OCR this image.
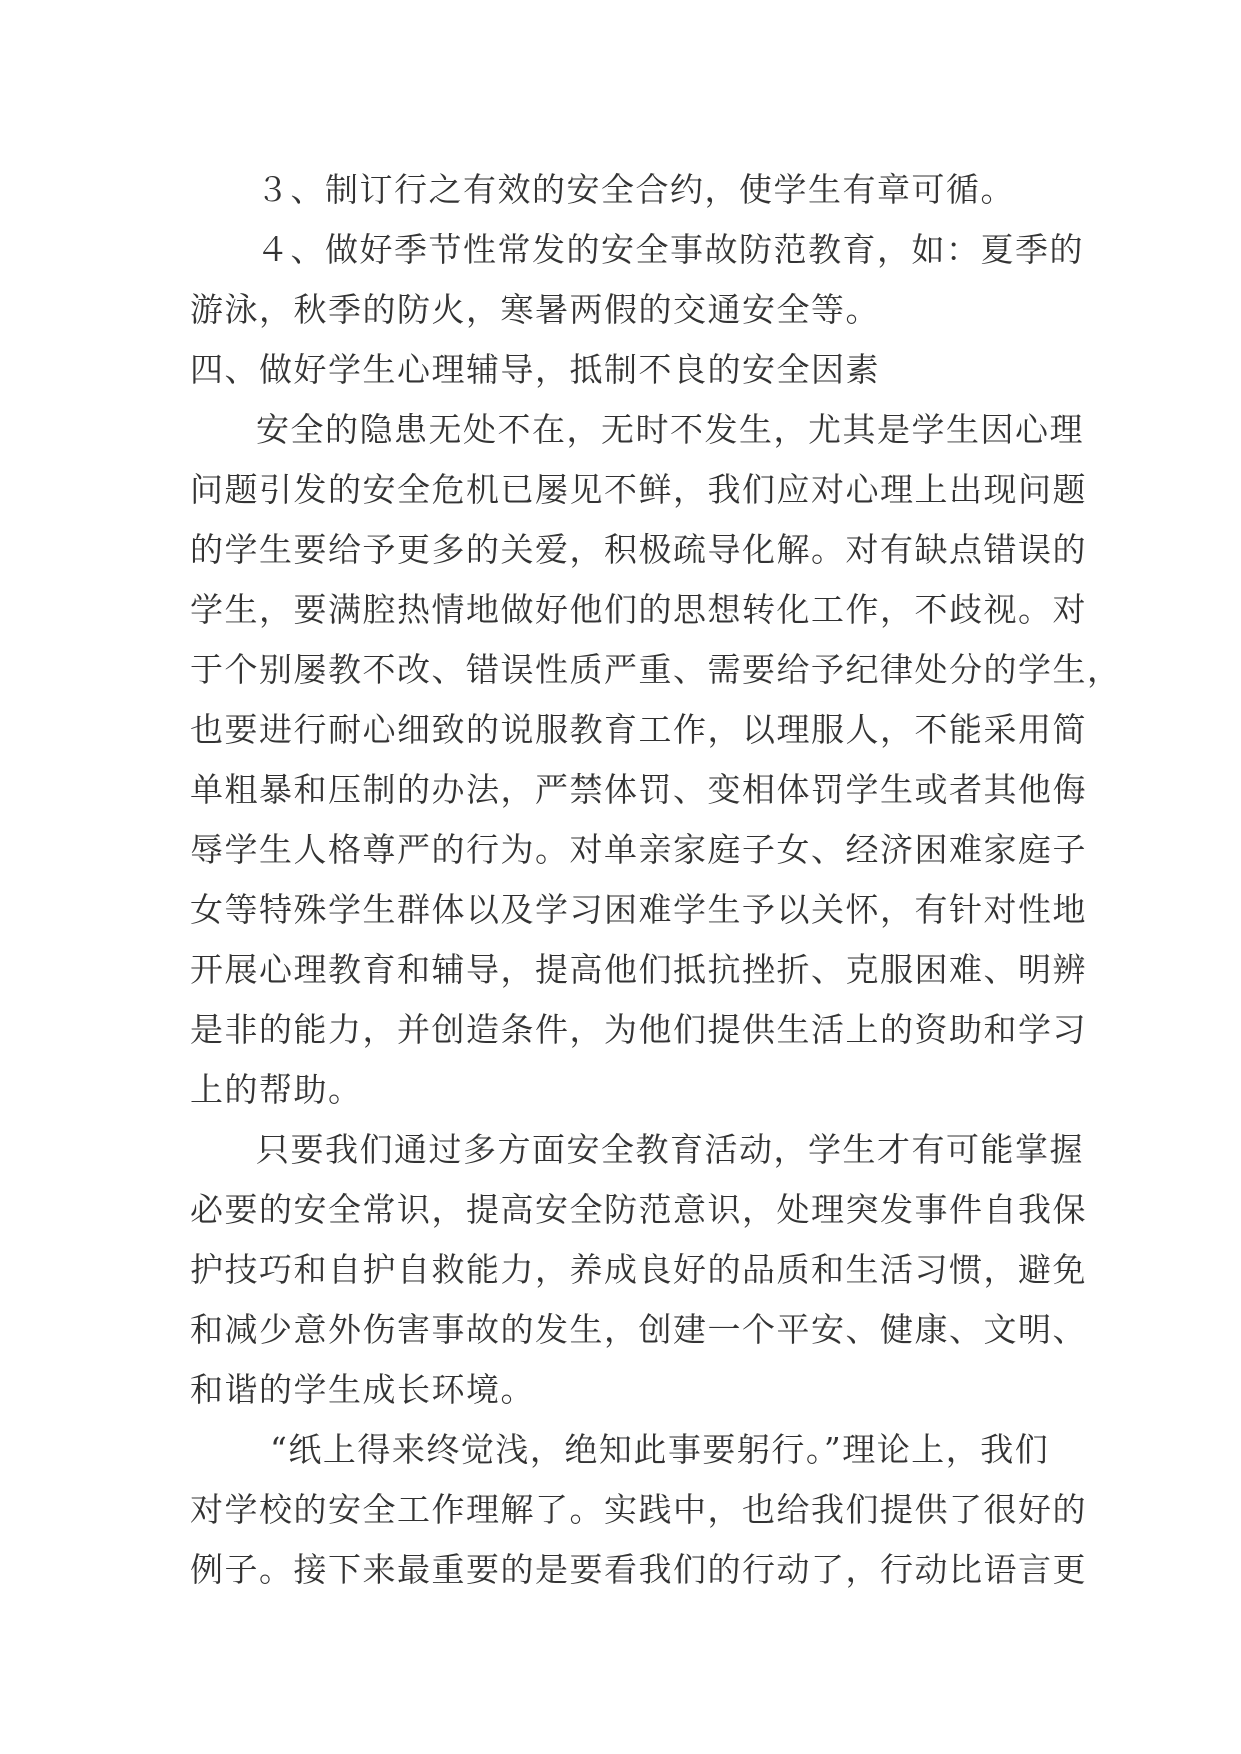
３、制订行之有效的安全合约，使学生有章可循。
４、做好季节性常发的安全事故防范教育，如：夏季的
游泳，秋季的防火，寒暑两假的交通安全等。
四、做好学生心理辅导，抵制不良的安全因素
安全的隐患无处不在，无时不发生，尤其是学生因心理
问题引发的安全危机已屡见不鲜，我们应对心理上出现问题
的学生要给予更多的关爱，积极疏导化解。对有缺点错误的
学生，要满腔热情地做好他们的思想转化工作，不歧视。对
于个别屡教不改、错误性质严重、需要给予纪律处分的学生，
也要进行耐心细致的说服教育工作，以理服人，不能采用简
单粗暴和压制的办法，严禁体罚、变相体罚学生或者其他侮
辱学生人格尊严的行为。对单亲家庭子女、经济困难家庭子
女等特殊学生群体以及学习困难学生予以关怀，有针对性地
开展心理教育和辅导，提高他们抵抗挫折、克服困难、明辨
是非的能力，并创造条件，为他们提供生活上的资助和学习
上的帮助。
只要我们通过多方面安全教育活动，学生才有可能掌握
必要的安全常识，提高安全防范意识，处理突发事件自我保
护技巧和自护自救能力，养成良好的品质和生活习惯，避免
和减少意外伤害事故的发生，创建一个平安、健康、文明、
和谐的学生成长环境。
“纸上得来终觉浅，绝知此事要躬行。”理论上，我们
对学校的安全工作理解了。实践中，也给我们提供了很好的
例子。接下来最重要的是要看我们的行动了，行动比语言更
